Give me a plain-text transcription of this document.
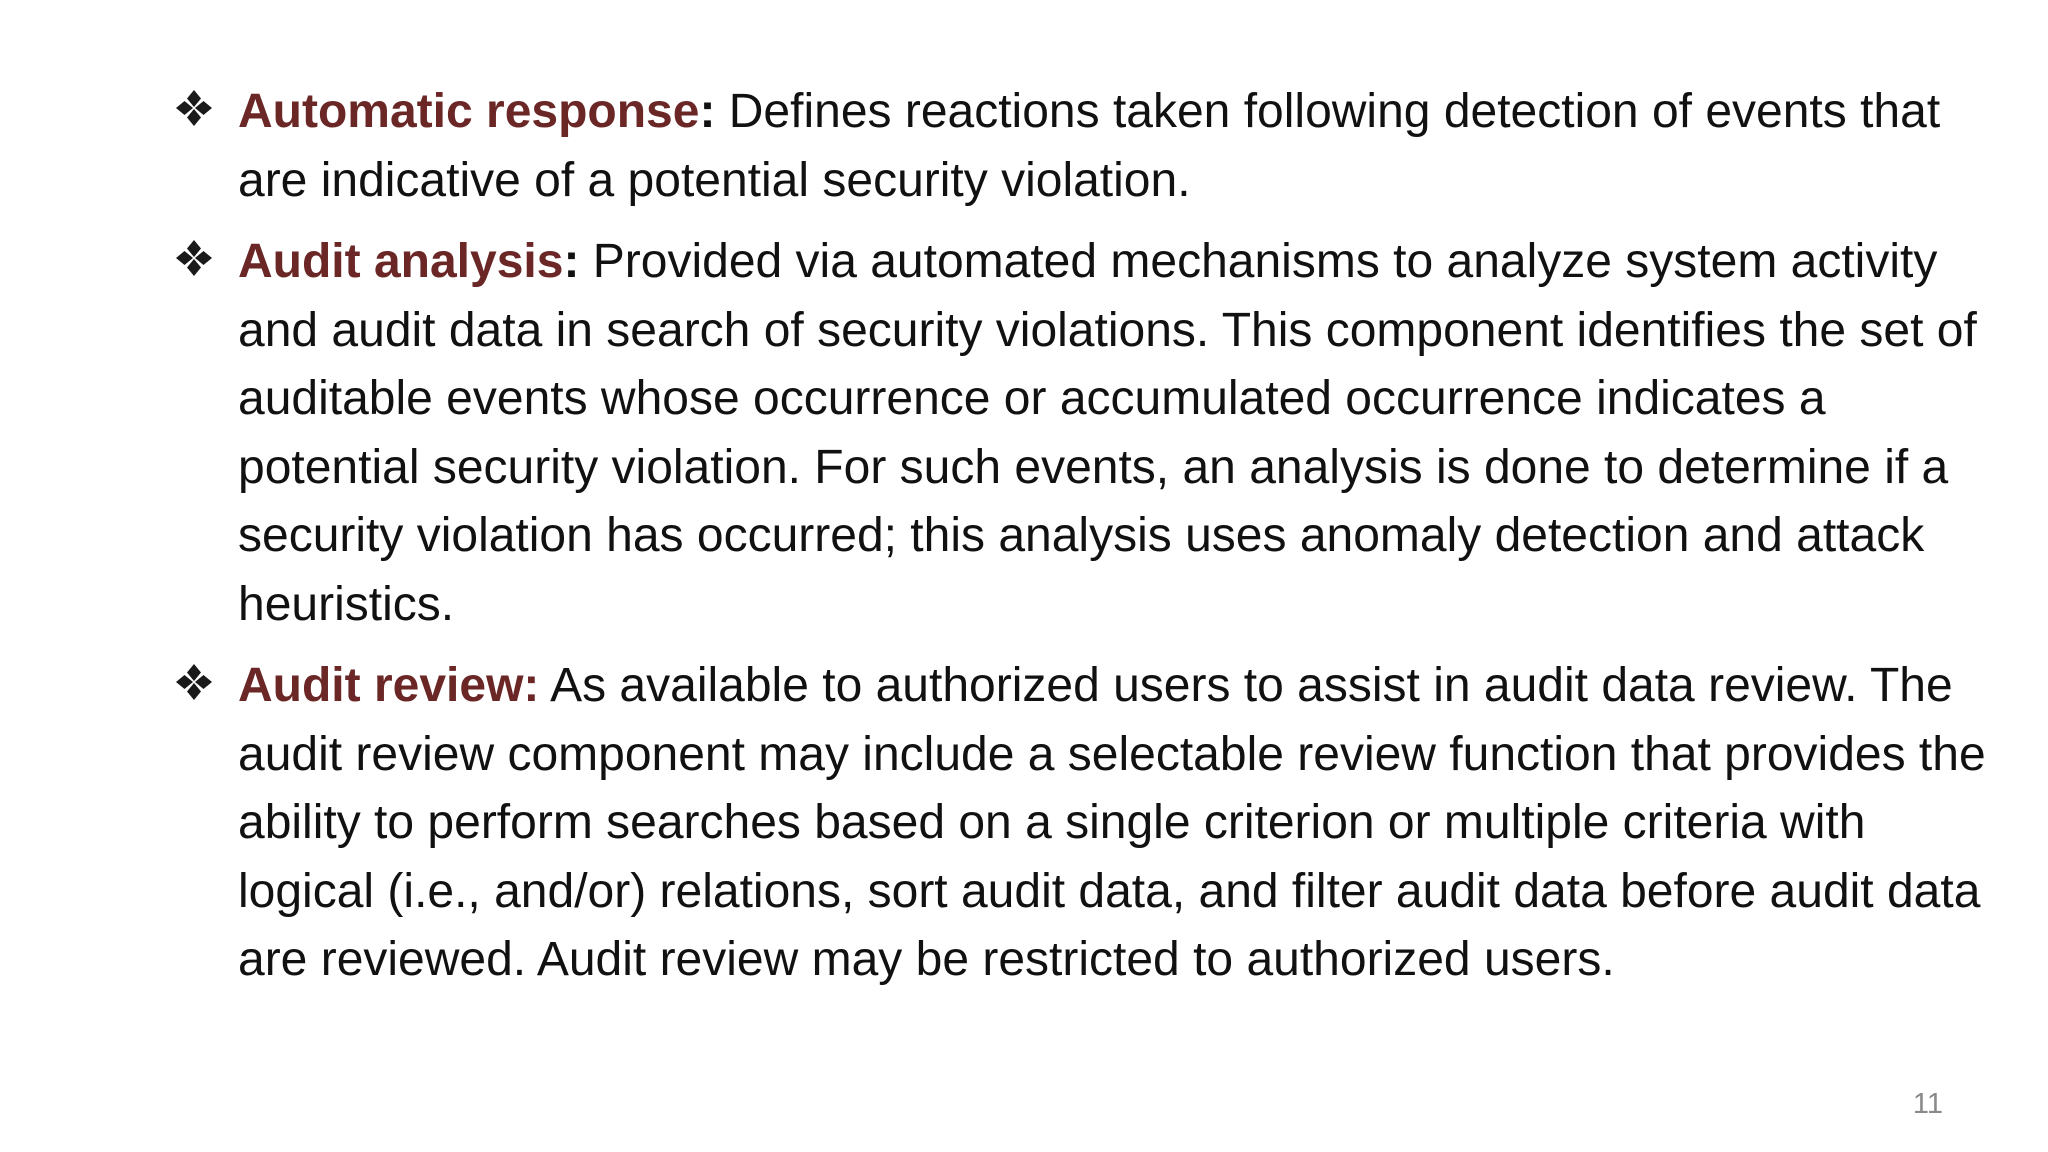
Automatic response: Defines reactions taken following detection of events that are indicative of a potential security violation.
Audit analysis: Provided via automated mechanisms to analyze system activity and audit data in search of security violations. This component identifies the set of auditable events whose occurrence or accumulated occurrence indicates a potential security violation. For such events, an analysis is done to determine if a security violation has occurred; this analysis uses anomaly detection and attack heuristics.
Audit review: As available to authorized users to assist in audit data review. The audit review component may include a selectable review function that provides the ability to perform searches based on a single criterion or multiple criteria with logical (i.e., and/or) relations, sort audit data, and filter audit data before audit data are reviewed. Audit review may be restricted to authorized users.
11
